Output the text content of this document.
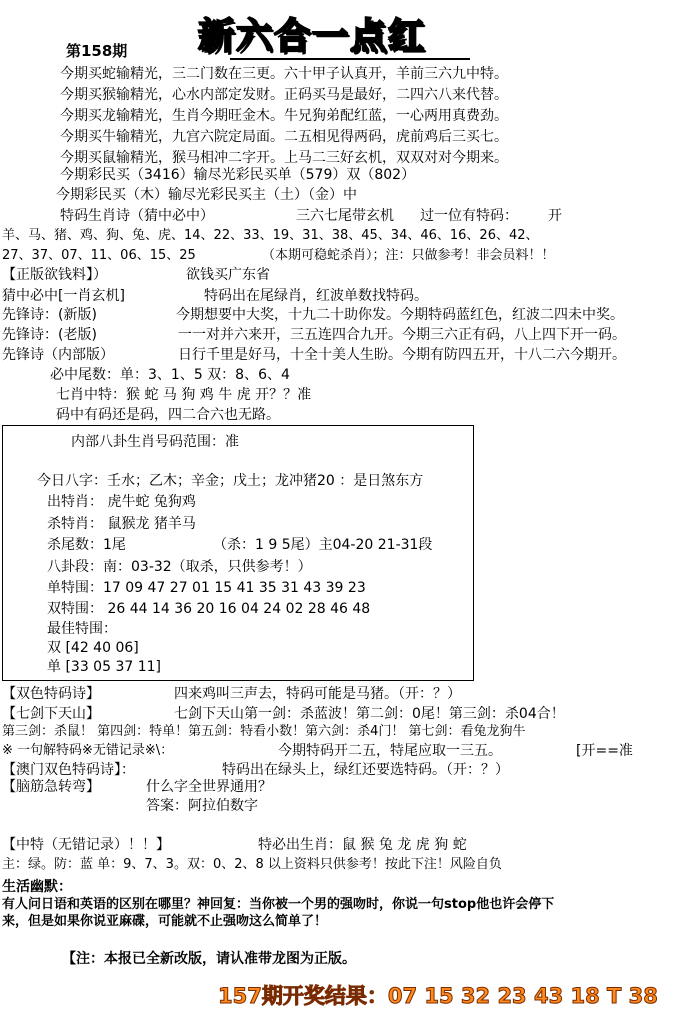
新六合一点红
第158期
今期买蛇输精光，三二门数在三更。六十甲子认真开，羊前三六九中特。
今期买猴输精光，心水内部定发财。正码买马是最好，二四六八来代替。
今期买龙输精光，生肖今期旺金木。牛兄狗弟配红蓝，一心两用真费劲。
今期买牛输精光，九宫六院定局面。二五相见得两码，虎前鸡后三买七。
今期买鼠输精光，猴马相冲二字开。上马二三好玄机，双双对对今期来。
今期彩民买（3416）输尽光彩民买单（579）双（802）
今期彩民买（木）输尽光彩民买主（土）（金）中
特码生肖诗（猜中必中）	三六七尾带玄机 过一位有特码： 开
羊、马、猪、鸡、狗、兔、虎、14、22、33、19、31、38、45、34、46、16、26、42、
27、37、07、11、06、15、25	（本期可稳蛇杀肖）；注：只做参考！非会员料！！
【正版欲钱料】）	欲钱买广东省
猜中必中[一肖玄机]	特码出在尾绿肖，红波单数找特码。
先锋诗：(新版)	今期想要中大奖，十九二十助你发。今期特码蓝红色，红波二四未中奖。
先锋诗：(老版)	一一对并六来开，三五连四合九开。今期三六正有码，八上四下开一码。
先锋诗（内部版）	日行千里是好马，十全十美人生盼。今期有防四五开，十八二六今期开。
必中尾数：单：3、1、5 双：8、6、4
七肖中特：猴 蛇 马 狗 鸡 牛 虎 开？？准
码中有码还是码，四二合六也无路。
内部八卦生肖号码范围：准
今日八字：壬水；乙木；辛金；戊土；龙冲猪20 ：是日煞东方
出特肖： 虎牛蛇 兔狗鸡
杀特肖： 鼠猴龙 猪羊马
杀尾数：1尾	（杀：1 9 5尾）主04-20 21-31段
八卦段：南：03-32（取杀，只供参考！）
单特围：17 09 47 27 01 15 41 35 31 43 39 23
双特围： 26 44 14 36 20 16 04 24 02 28 46 48
最佳特围：
双 [42 40 06]
单 [33 05 37 11]
【双色特码诗】	四来鸡叫三声去，特码可能是马猪。（开：？）
【七剑下天山】	七剑下天山第一剑：杀蓝波！第二剑：0尾！第三剑：杀04合！
第三剑：杀鼠！ 第四剑：特单！第五剑：特看小数！第六剑：杀4门！ 第七剑：看兔龙狗牛
※ 一句解特码※无错记录※\：	今期特码开二五，特尾应取一三五。	[开==准
【澳门双色特码诗】：	特码出在绿头上，绿红还要选特码。（开：？）
【脑筋急转弯】	什么字全世界通用？
答案：阿拉伯数字
【中特（无错记录）！！】	特必出生肖：鼠 猴 兔 龙 虎 狗 蛇
主：绿。防：蓝 单：9、7、3。双：0、2、8 以上资料只供参考！按此下注！风险自负
生活幽默：
有人问日语和英语的区别在哪里？神回复：当你被一个男的强吻时，你说一句stop他也许会停下
来，但是如果你说亚麻碟，可能就不止强吻这么简单了！
【注：本报已全新改版，请认准带龙图为正版。
157期开奖结果：07 15 32 23 43 18 T 38
